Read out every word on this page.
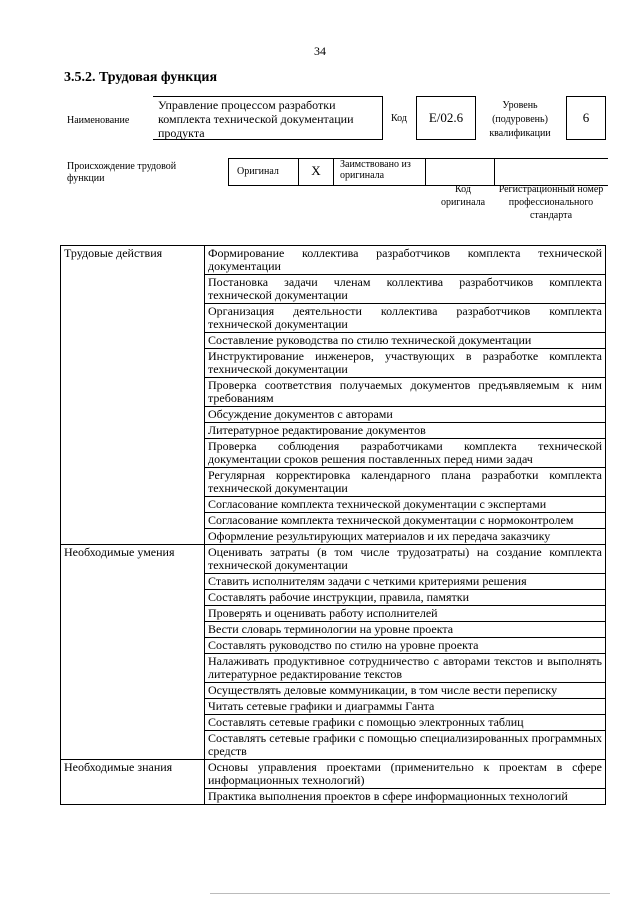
34
3.5.2. Трудовая функция
Наименование
Управление процессом разработки
комплекта технической документации
продукта
Код	E/02.6
Уровень
(подуровень)
квалификации
6
Происхождение трудовой функции
Оригинал	X	Заимствовано из оригинала
Код оригинала
Регистрационный номер профессионального стандарта
Трудовые действия	Формирование коллектива разработчиков комплекта технической документации
	Постановка задачи членам коллектива разработчиков комплекта технической документации
	Организация деятельности коллектива разработчиков комплекта технической документации
	Составление руководства по стилю технической документации
	Инструктирование инженеров, участвующих в разработке комплекта технической документации
	Проверка соответствия получаемых документов предъявляемым к ним требованиям
	Обсуждение документов с авторами
	Литературное редактирование документов
	Проверка соблюдения разработчиками комплекта технической документации сроков решения поставленных перед ними задач
	Регулярная корректировка календарного плана разработки комплекта технической документации
	Согласование комплекта технической документации с экспертами
	Согласование комплекта технической документации с нормоконтролем
	Оформление результирующих материалов и их передача заказчику
Необходимые умения	Оценивать затраты (в том числе трудозатраты) на создание комплекта технической документации
	Ставить исполнителям задачи с четкими критериями решения
	Составлять рабочие инструкции, правила, памятки
	Проверять и оценивать работу исполнителей
	Вести словарь терминологии на уровне проекта
	Составлять руководство по стилю на уровне проекта
	Налаживать продуктивное сотрудничество с авторами текстов и выполнять литературное редактирование текстов
	Осуществлять деловые коммуникации, в том числе вести переписку
	Читать сетевые графики и диаграммы Ганта
	Составлять сетевые графики с помощью электронных таблиц
	Составлять сетевые графики с помощью специализированных программных средств
Необходимые знания	Основы управления проектами (применительно к проектам в сфере информационных технологий)
	Практика выполнения проектов в сфере информационных технологий
